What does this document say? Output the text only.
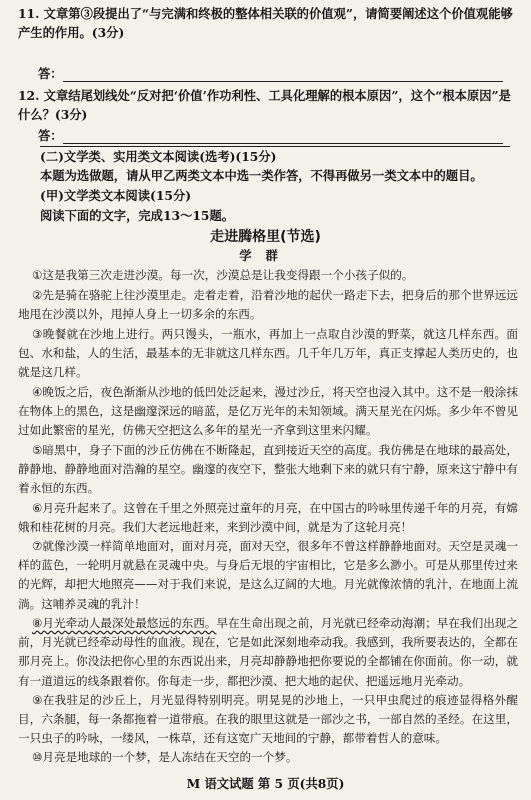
11. 文章第③段提出了“与完满和终极的整体相关联的价值观”，请简要阐述这个价值观能够产生的作用。(3分)
答：
12. 文章结尾划线处“反对把‘价值’作功利性、工具化理解的根本原因”，这个“根本原因”是什么？(3分)
答：
(二)文学类、实用类文本阅读(选考)(15分)
本题为选做题，请从甲乙两类文本中选一类作答，不得再做另一类文本中的题目。
(甲)文学类文本阅读(15分)
阅读下面的文字，完成13～15题。
走进腾格里(节选)
学群
①这是我第三次走进沙漠。每一次，沙漠总是让我变得跟一个小孩子似的。
②先是骑在骆驼上往沙漠里走。走着走着，沿着沙地的起伏一路走下去，把身后的那个世界远远地甩在沙漠以外，甩掉人身上一切多余的东西。
③晚餐就在沙地上进行。两只馒头，一瓶水，再加上一点取自沙漠的野菜，就这几样东西。面包、水和盐，人的生活，最基本的无非就这几样东西。几千年几万年，真正支撑起人类历史的，也就是这几样。
④晚饭之后，夜色渐渐从沙地的低凹处泛起来，漫过沙丘，将天空也浸入其中。这不是一般涂抹在物体上的黑色，这是幽邃深远的暗蓝，是亿万光年的未知领域。满天星光在闪烁。多少年不曾见过如此繁密的星光，仿佛天空把这么多年的星光一齐拿到这里来闪耀。
⑤暗黑中，身子下面的沙丘仿佛在不断隆起，直到接近天空的高度。我仿佛是在地球的最高处，静静地、静静地面对浩瀚的星空。幽邃的夜空下，整张大地剩下来的就只有宁静，原来这宁静中有着永恒的东西。
⑥月亮升起来了。这曾在千里之外照亮过童年的月亮，在中国古的吟咏里传递千年的月亮，有嫦娥和桂花树的月亮。我们大老远地赶来，来到沙漠中间，就是为了这轮月亮！
⑦就像沙漠一样简单地面对，面对月亮，面对天空，很多年不曾这样静静地面对。天空是灵魂一样的蓝色，一轮明月就悬在灵魂中央。与身后无垠的宇宙相比，它是多么渺小。可是从那里传过来的光辉，却把大地照亮——对于我们来说，是这么辽阔的大地。月光就像浓情的乳汁，在地面上流淌。这哺养灵魂的乳汁！
⑧月光牵动人最深处最悠远的东西。早在生命出现之前，月光就已经牵动海潮；早在我们出现之前，月光就已经牵动母性的血液。现在，它是如此深刻地牵动我。我感到，我所要表达的，全都在那月亮上。你没法把你心里的东西说出来，月亮却静静地把你要说的全都铺在你面前。你一动，就有一道道远的线条跟着你。你每走一步，都把沙漠、把大地的起伏、把遥远地月光牵动。
⑨在我驻足的沙丘上，月光显得特别明亮。明晃晃的沙地上，一只甲虫爬过的痕迹显得格外醒目，六条腿，每一条都拖着一道带痕。在我的眼里这就是一部沙之书，一部自然的圣经。在这里，一只虫子的吟咏，一缕风，一株草，还有这宽广天地间的宁静，都带着哲人的意味。
⑩月亮是地球的一个梦，是人冻结在天空的一个梦。
M 语文试题 第 5 页(共8页)
